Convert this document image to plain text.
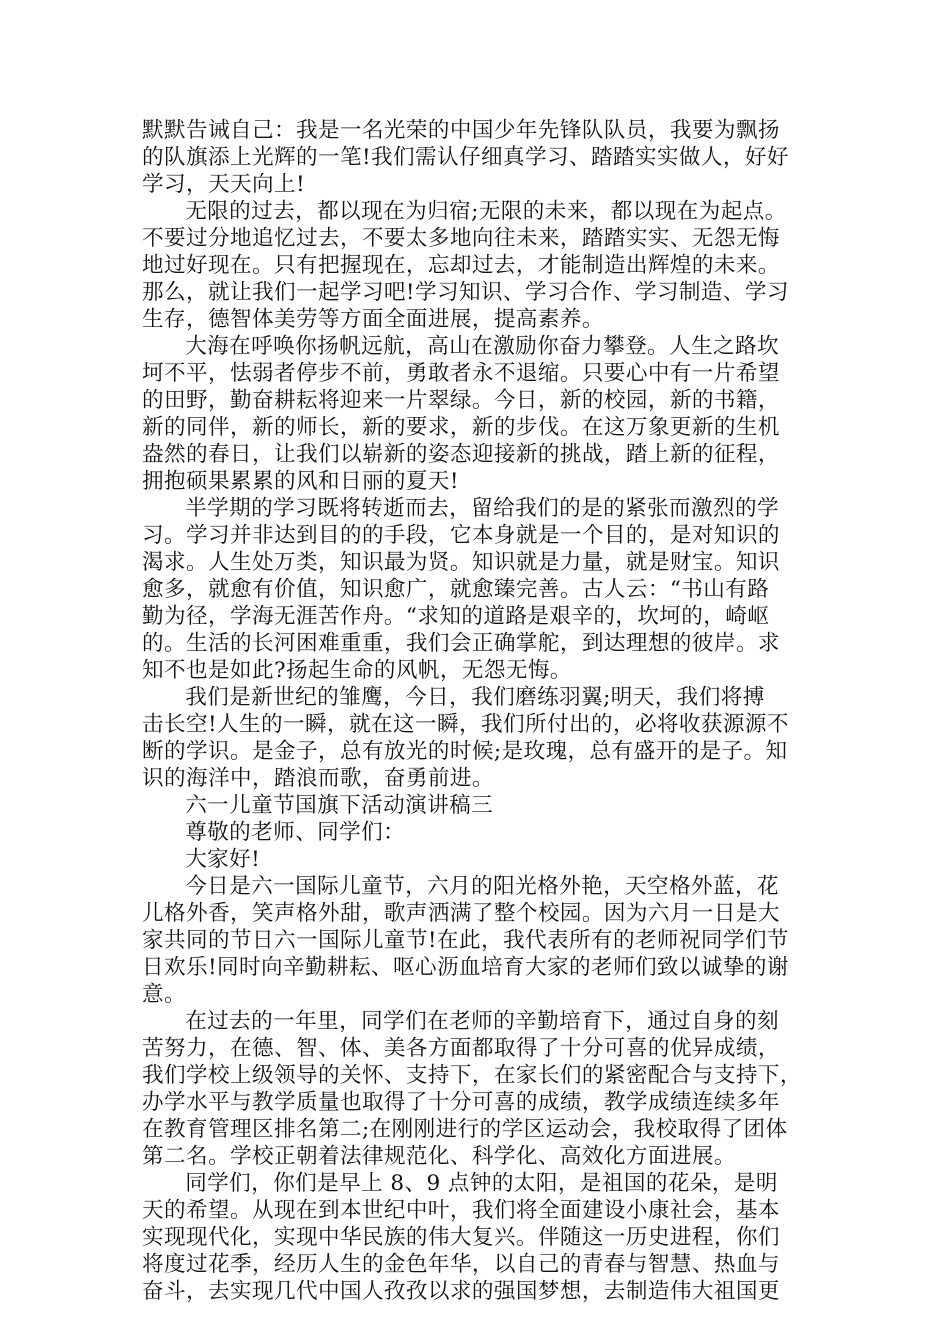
默默告诫自己：我是一名光荣的中国少年先锋队队员，我要为飘扬
的队旗添上光辉的一笔!我们需认仔细真学习、踏踏实实做人，好好
学习，天天向上!

无限的过去，都以现在为归宿;无限的未来，都以现在为起点。
不要过分地追忆过去，不要太多地向往未来，踏踏实实、无怨无悔
地过好现在。只有把握现在，忘却过去，才能制造出辉煌的未来。
那么，就让我们一起学习吧!学习知识、学习合作、学习制造、学习
生存，德智体美劳等方面全面进展，提高素养。

大海在呼唤你扬帆远航，高山在激励你奋力攀登。人生之路坎
坷不平，怯弱者停步不前，勇敢者永不退缩。只要心中有一片希望
的田野，勤奋耕耘将迎来一片翠绿。今日，新的校园，新的书籍，
新的同伴，新的师长，新的要求，新的步伐。在这万象更新的生机
盎然的春日，让我们以崭新的姿态迎接新的挑战，踏上新的征程，
拥抱硕果累累的风和日丽的夏天!

半学期的学习既将转逝而去，留给我们的是的紧张而激烈的学
习。学习并非达到目的的手段，它本身就是一个目的，是对知识的
渴求。人生处万类，知识最为贤。知识就是力量，就是财宝。知识
愈多，就愈有价值，知识愈广，就愈臻完善。古人云：“书山有路
勤为径，学海无涯苦作舟。“求知的道路是艰辛的，坎坷的，崎岖
的。生活的长河困难重重，我们会正确掌舵，到达理想的彼岸。求
知不也是如此?扬起生命的风帆，无怨无悔。

我们是新世纪的雏鹰，今日，我们磨练羽翼;明天，我们将搏
击长空!人生的一瞬，就在这一瞬，我们所付出的，必将收获源源不
断的学识。是金子，总有放光的时候;是玫瑰，总有盛开的是子。知
识的海洋中，踏浪而歌，奋勇前进。

六一儿童节国旗下活动演讲稿三

尊敬的老师、同学们：

大家好!

今日是六一国际儿童节，六月的阳光格外艳，天空格外蓝，花
儿格外香，笑声格外甜，歌声洒满了整个校园。因为六月一日是大
家共同的节日六一国际儿童节!在此，我代表所有的老师祝同学们节
日欢乐!同时向辛勤耕耘、呕心沥血培育大家的老师们致以诚挚的谢
意。

在过去的一年里，同学们在老师的辛勤培育下，通过自身的刻
苦努力，在德、智、体、美各方面都取得了十分可喜的优异成绩，
我们学校上级领导的关怀、支持下，在家长们的紧密配合与支持下，
办学水平与教学质量也取得了十分可喜的成绩，教学成绩连续多年
在教育管理区排名第二;在刚刚进行的学区运动会，我校取得了团体
第二名。学校正朝着法律规范化、科学化、高效化方面进展。

同学们，你们是早上 8、9 点钟的太阳，是祖国的花朵，是明
天的希望。从现在到本世纪中叶，我们将全面建设小康社会，基本
实现现代化，实现中华民族的伟大复兴。伴随这一历史进程，你们
将度过花季，经历人生的金色年华，以自己的青春与智慧、热血与
奋斗，去实现几代中国人孜孜以求的强国梦想，去制造伟大祖国更
